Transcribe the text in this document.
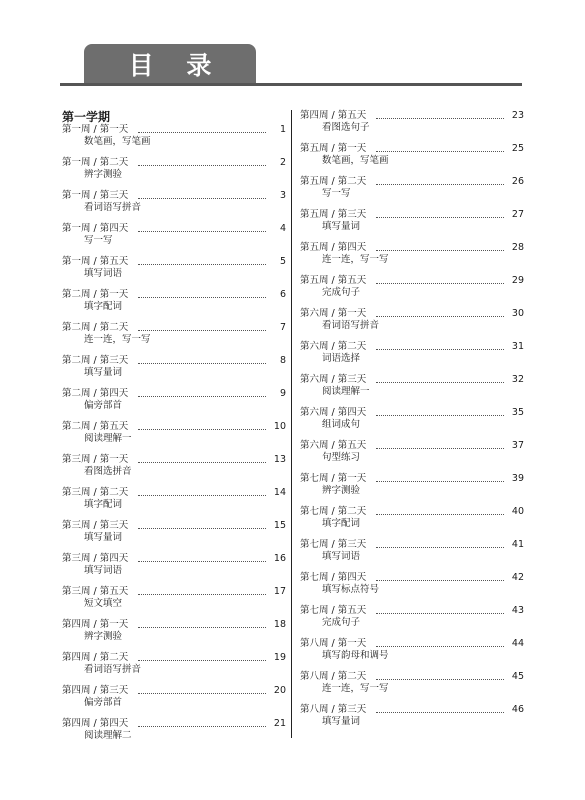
目 录
第一学期
第一周 / 第一天	1
数笔画，写笔画
第一周 / 第二天	2
辨字测验
第一周 / 第三天	3
看词语写拼音
第一周 / 第四天	4
写一写
第一周 / 第五天	5
填写词语
第二周 / 第一天	6
填字配词
第二周 / 第二天	7
连一连，写一写
第二周 / 第三天	8
填写量词
第二周 / 第四天	9
偏旁部首
第二周 / 第五天	10
阅读理解一
第三周 / 第一天	13
看图选拼音
第三周 / 第二天	14
填字配词
第三周 / 第三天	15
填写量词
第三周 / 第四天	16
填写词语
第三周 / 第五天	17
短文填空
第四周 / 第一天	18
辨字测验
第四周 / 第二天	19
看词语写拼音
第四周 / 第三天	20
偏旁部首
第四周 / 第四天	21
阅读理解二
第四周 / 第五天	23
看图选句子
第五周 / 第一天	25
数笔画，写笔画
第五周 / 第二天	26
写一写
第五周 / 第三天	27
填写量词
第五周 / 第四天	28
连一连，写一写
第五周 / 第五天	29
完成句子
第六周 / 第一天	30
看词语写拼音
第六周 / 第二天	31
词语选择
第六周 / 第三天	32
阅读理解一
第六周 / 第四天	35
组词成句
第六周 / 第五天	37
句型练习
第七周 / 第一天	39
辨字测验
第七周 / 第二天	40
填字配词
第七周 / 第三天	41
填写词语
第七周 / 第四天	42
填写标点符号
第七周 / 第五天	43
完成句子
第八周 / 第一天	44
填写韵母和调号
第八周 / 第二天	45
连一连，写一写
第八周 / 第三天	46
填写量词
